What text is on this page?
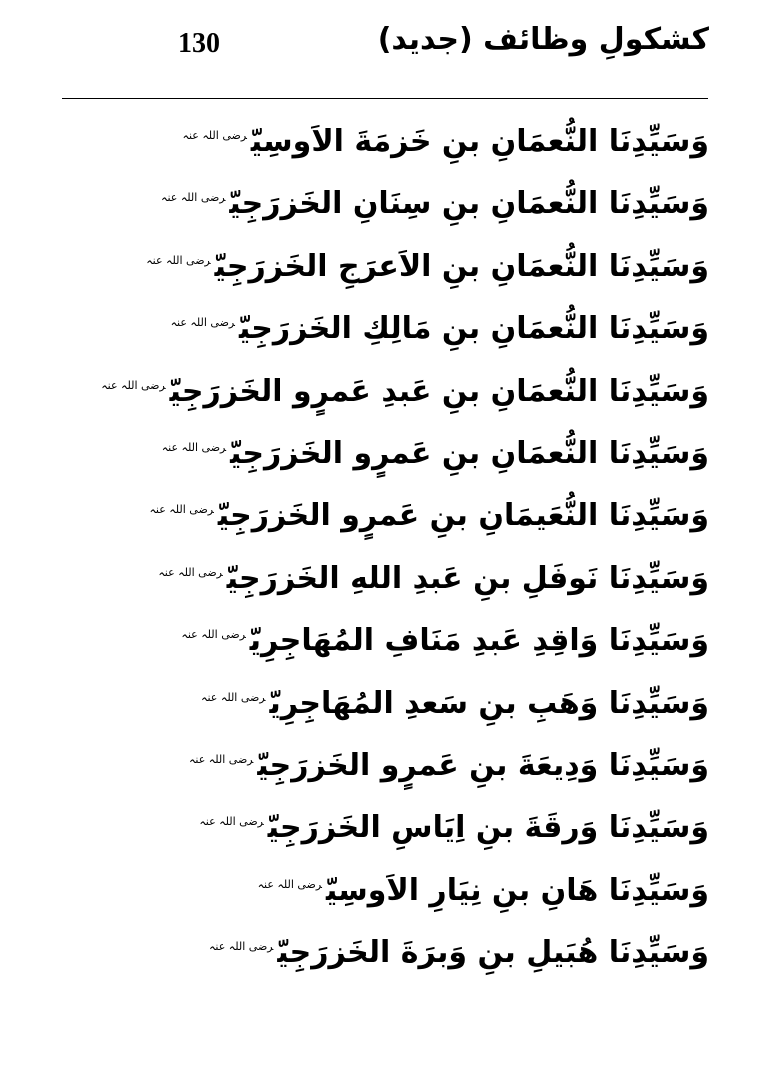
130	کشکولِ وظائف (جدید)
وَسَیِّدِنَا النُّعمَانِ بنِ خَزمَةَ الاَوسِیّ$^{رضی اللہ عنہ}$
وَسَیِّدِنَا النُّعمَانِ بنِ سِنَانِ الخَزرَجِیّ$^{رضی اللہ عنہ}$
وَسَیِّدِنَا النُّعمَانِ بنِ الاَعرَجِ الخَزرَجِیّ$^{رضی اللہ عنہ}$
وَسَیِّدِنَا النُّعمَانِ بنِ مَالِكِ الخَزرَجِیّ$^{رضی اللہ عنہ}$
وَسَیِّدِنَا النُّعمَانِ بنِ عَبدِ عَمرٍو الخَزرَجِیّ$^{رضی اللہ عنہ}$
وَسَیِّدِنَا النُّعمَانِ بنِ عَمرٍو الخَزرَجِیّ$^{رضی اللہ عنہ}$
وَسَیِّدِنَا النُّعَیمَانِ بنِ عَمرٍو الخَزرَجِیّ$^{رضی اللہ عنہ}$
وَسَیِّدِنَا نَوفَلِ بنِ عَبدِ اللهِ الخَزرَجِیّ$^{رضی اللہ عنہ}$
وَسَیِّدِنَا وَاقِدِ عَبدِ مَنَافِ المُهَاجِرِیّ$^{رضی اللہ عنہ}$
وَسَیِّدِنَا وَهَبِ بنِ سَعدِ المُهَاجِرِیّ$^{رضی اللہ عنہ}$
وَسَیِّدِنَا وَدِیعَةَ بنِ عَمرٍو الخَزرَجِیّ$^{رضی اللہ عنہ}$
وَسَیِّدِنَا وَرقَةَ بنِ اِیَاسِ الخَزرَجِیّ$^{رضی اللہ عنہ}$
وَسَیِّدِنَا هَانِ بنِ نِیَارِ الاَوسِیّ$^{رضی اللہ عنہ}$
وَسَیِّدِنَا هُبَیلِ بنِ وَبرَةَ الخَزرَجِیّ$^{رضی اللہ عنہ}$
